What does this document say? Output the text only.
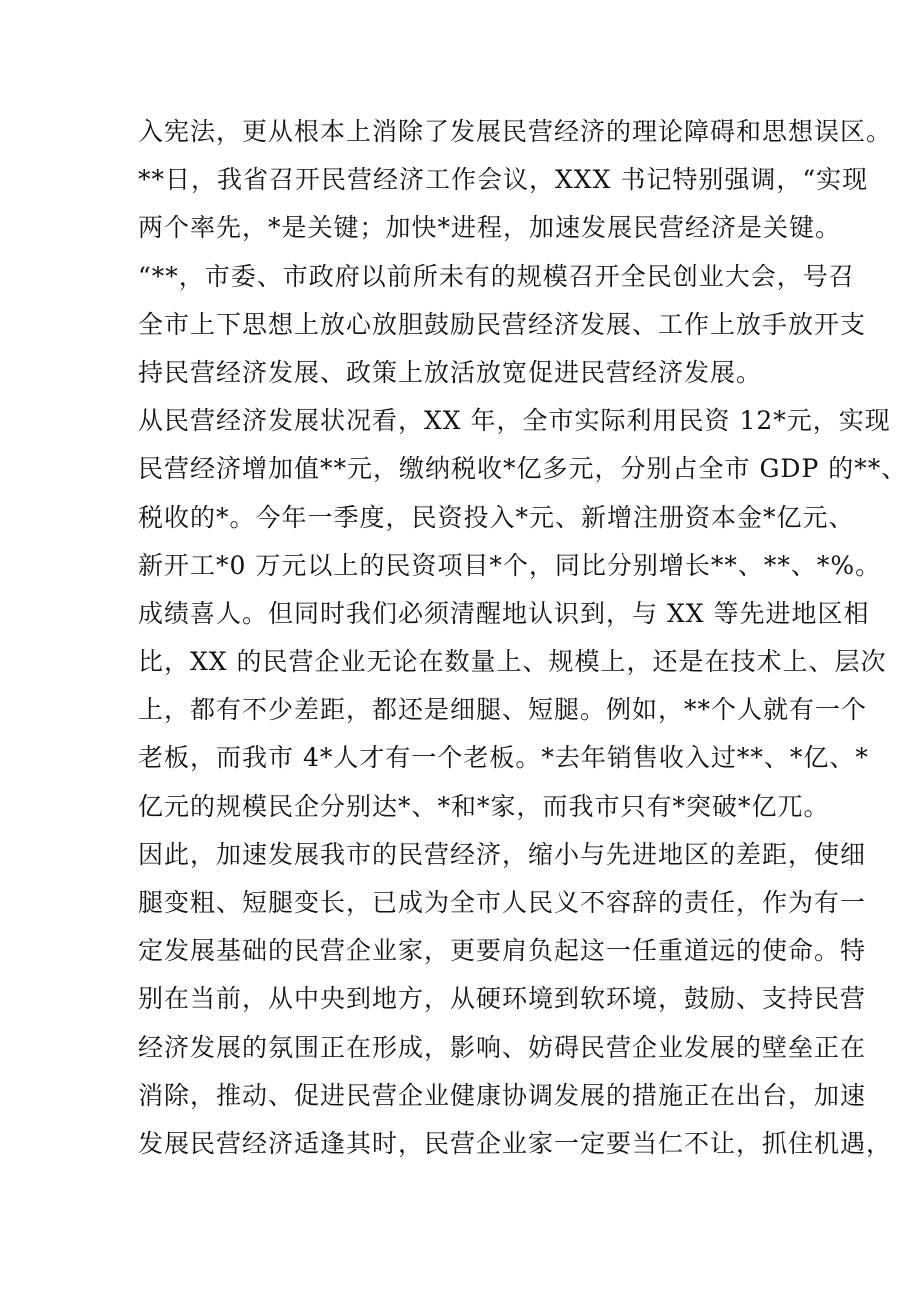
入宪法，更从根本上消除了发展民营经济的理论障碍和思想误区。
**日，我省召开民营经济工作会议，XXX 书记特别强调，“实现
两个率先，*是关键；加快*进程，加速发展民营经济是关键。
“**，市委、市政府以前所未有的规模召开全民创业大会，号召
全市上下思想上放心放胆鼓励民营经济发展、工作上放手放开支
持民营经济发展、政策上放活放宽促进民营经济发展。
从民营经济发展状况看，XX 年，全市实际利用民资 12*元，实现
民营经济增加值**元，缴纳税收*亿多元，分别占全市 GDP 的**、
税收的*。今年一季度，民资投入*元、新增注册资本金*亿元、
新开工*0 万元以上的民资项目*个，同比分别增长**、**、*%。
成绩喜人。但同时我们必须清醒地认识到，与 XX 等先进地区相
比，XX 的民营企业无论在数量上、规模上，还是在技术上、层次
上，都有不少差距，都还是细腿、短腿。例如，**个人就有一个
老板，而我市 4*人才有一个老板。*去年销售收入过**、*亿、*
亿元的规模民企分别达*、*和*家，而我市只有*突破*亿兀。
因此，加速发展我市的民营经济，缩小与先进地区的差距，使细
腿变粗、短腿变长，已成为全市人民义不容辞的责任，作为有一
定发展基础的民营企业家，更要肩负起这一任重道远的使命。特
别在当前，从中央到地方，从硬环境到软环境，鼓励、支持民营
经济发展的氛围正在形成，影响、妨碍民营企业发展的壁垒正在
消除，推动、促进民营企业健康协调发展的措施正在出台，加速
发展民营经济适逢其时，民营企业家一定要当仁不让，抓住机遇，
